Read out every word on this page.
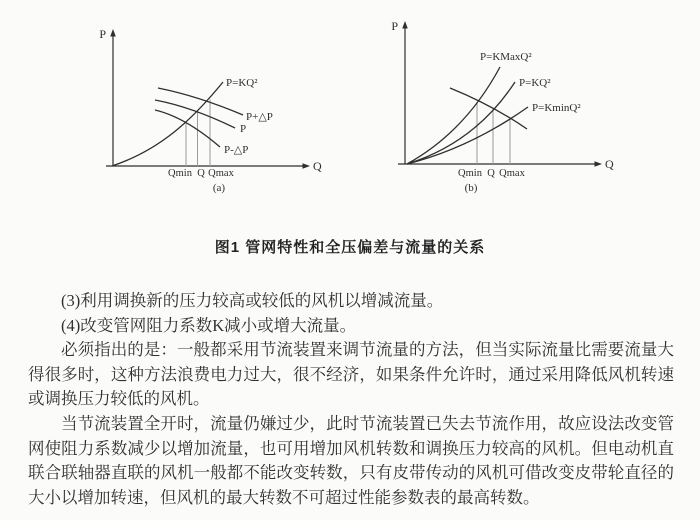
P
Q
P=KQ²
P+△P
P
P-△P
Qmin Q Qmax
(a)
P
Q
P=KMaxQ²
P=KQ²
P=KminQ²
Qmin Q Qmax
(b)
图1 管网特性和全压偏差与流量的关系

(3)利用调换新的压力较高或较低的风机以增减流量。

(4)改变管网阻力系数K减小或增大流量。

必须指出的是：一般都采用节流装置来调节流量的方法，但当实际流量比需要流量大得很多时，这种方法浪费电力过大，很不经济，如果条件允许时，通过采用降低风机转速或调换压力较低的风机。

当节流装置全开时，流量仍嫌过少，此时节流装置已失去节流作用，故应设法改变管网使阻力系数减少以增加流量，也可用增加风机转数和调换压力较高的风机。但电动机直联合联轴器直联的风机一般都不能改变转数，只有皮带传动的风机可借改变皮带轮直径的大小以增加转速，但风机的最大转数不可超过性能参数表的最高转数。
